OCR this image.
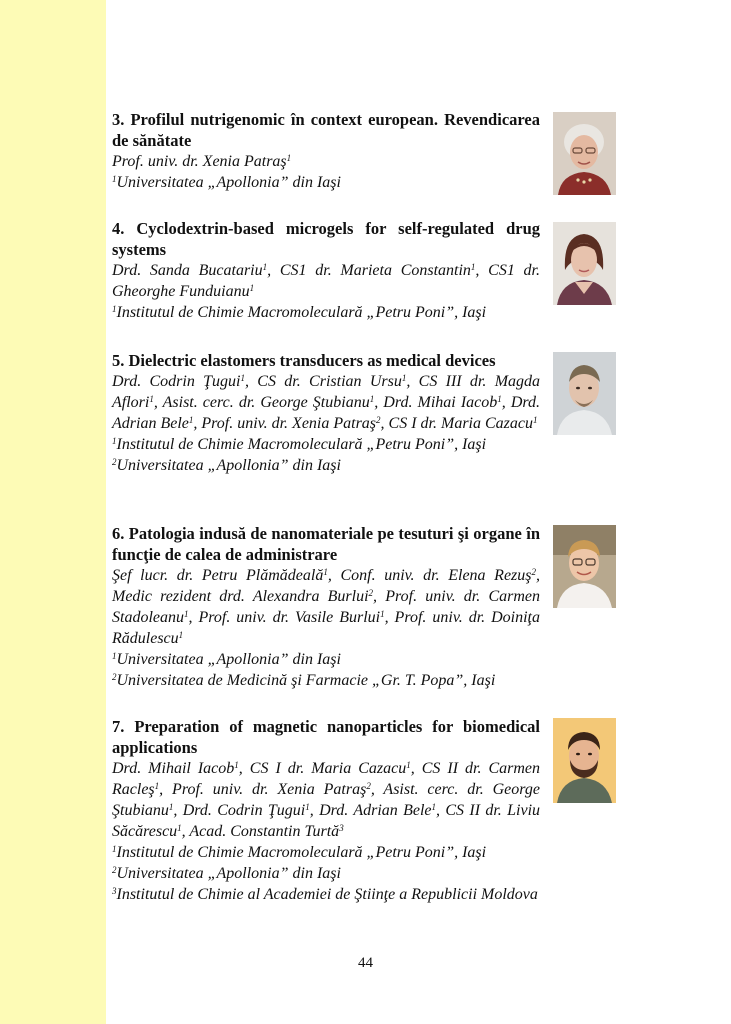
3. Profilul nutrigenomic în context european. Revendicarea de sănătate

Prof. univ. dr. Xenia Patraş$^1$

$^1$Universitatea „Apollonia” din Iaşi

4. Cyclodextrin-based microgels for self-regulated drug systems

Drd. Sanda Bucatariu$^1$, CS1 dr. Marieta Constantin$^1$, CS1 dr. Gheorghe Funduianu$^1$

$^1$Institutul de Chimie Macromoleculară „Petru Poni”, Iaşi

5. Dielectric elastomers transducers as medical devices

Drd. Codrin Ţugui$^1$, CS dr. Cristian Ursu$^1$, CS III dr. Magda Aflori$^1$, Asist. cerc. dr. George Ştubianu$^1$, Drd. Mihai Iacob$^1$, Drd. Adrian Bele$^1$, Prof. univ. dr. Xenia Patraş$^2$, CS I dr. Maria Cazacu$^1$

$^1$Institutul de Chimie Macromoleculară „Petru Poni”, Iaşi

$^2$Universitatea „Apollonia” din Iaşi

6. Patologia indusă de nanomateriale pe tesuturi şi organe în funcţie de calea de administrare

Şef lucr. dr. Petru Plămădeală$^1$, Conf. univ. dr. Elena Rezuş$^2$, Medic rezident drd. Alexandra Burlui$^2$, Prof. univ. dr. Carmen Stadoleanu$^1$, Prof. univ. dr. Vasile Burlui$^1$, Prof. univ. dr. Doiniţa Rădulescu$^1$

$^1$Universitatea „Apollonia” din Iaşi

$^2$Universitatea de Medicină şi Farmacie „Gr. T. Popa”, Iaşi

7. Preparation of magnetic nanoparticles for biomedical applications

Drd. Mihail Iacob$^1$, CS I dr. Maria Cazacu$^1$, CS II dr. Carmen Racleş$^1$, Prof. univ. dr. Xenia Patraş$^2$, Asist. cerc. dr. George Ştubianu$^1$, Drd. Codrin Ţugui$^1$, Drd. Adrian Bele$^1$, CS II dr. Liviu Săcărescu$^1$, Acad. Constantin Turtă$^3$

$^1$Institutul de Chimie Macromoleculară „Petru Poni”, Iaşi

$^2$Universitatea „Apollonia” din Iaşi

$^3$Institutul de Chimie al Academiei de Ştiinţe a Republicii Moldova

44
